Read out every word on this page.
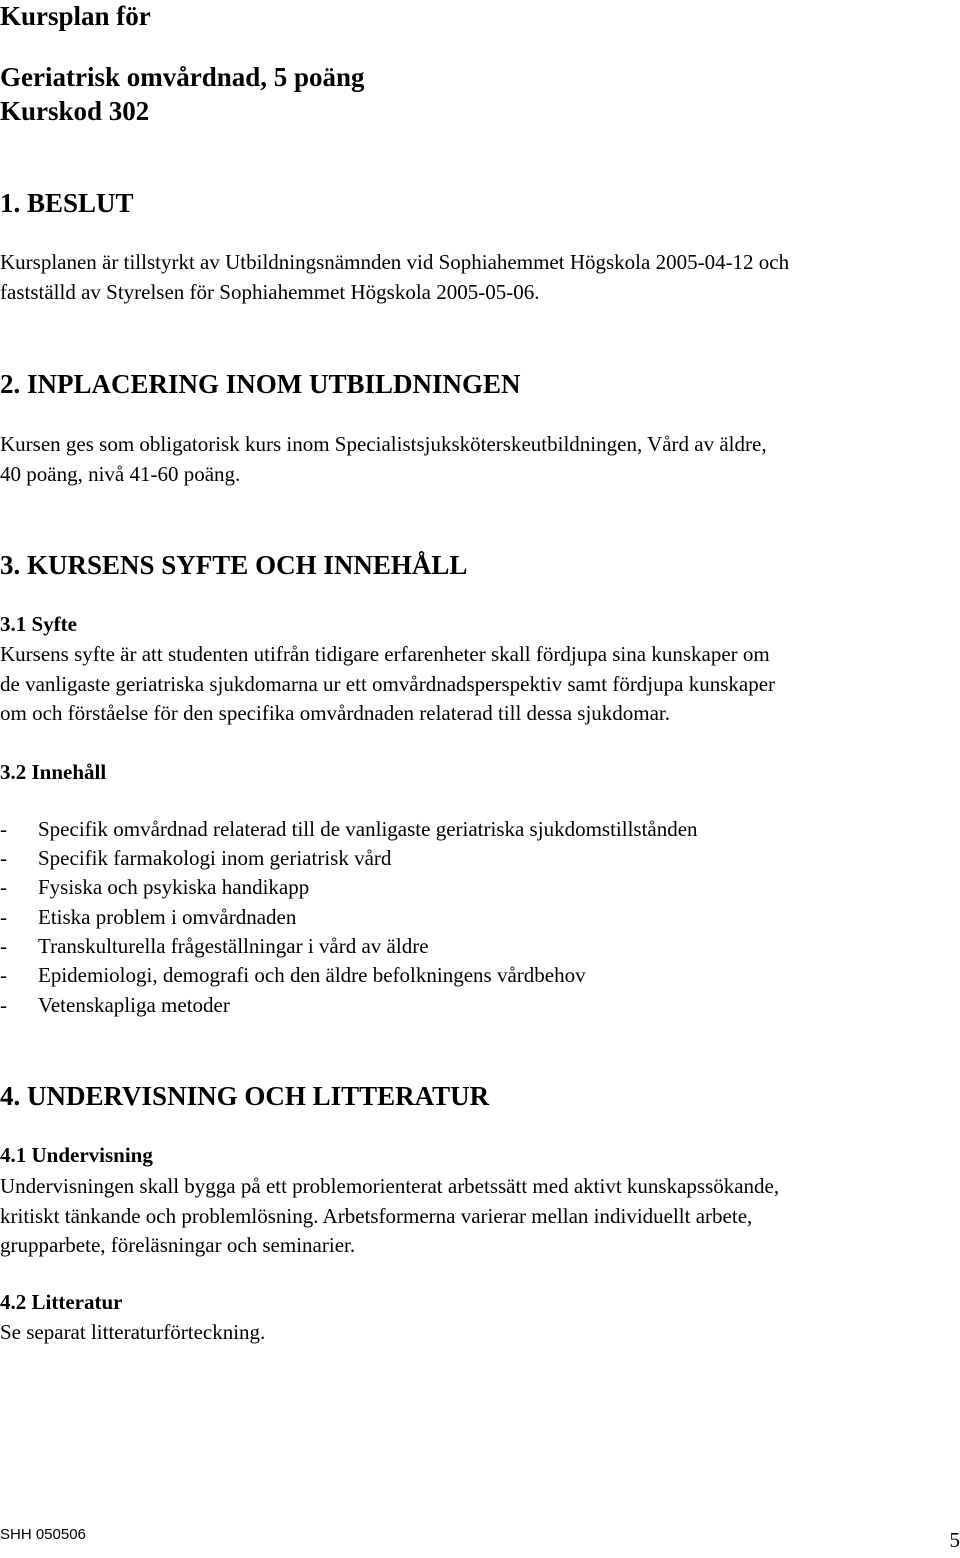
Kursplan för
Geriatrisk omvårdnad, 5 poäng
Kurskod 302
1. BESLUT
Kursplanen är tillstyrkt av Utbildningsnämnden vid Sophiahemmet Högskola 2005-04-12 och
fastställd av Styrelsen för Sophiahemmet Högskola 2005-05-06.
2. INPLACERING INOM UTBILDNINGEN
Kursen ges som obligatorisk kurs inom Specialistsjuksköterskeutbildningen, Vård av äldre,
40 poäng, nivå 41-60 poäng.
3. KURSENS SYFTE OCH INNEHÅLL
3.1 Syfte
Kursens syfte är att studenten utifrån tidigare erfarenheter skall fördjupa sina kunskaper om
de vanligaste geriatriska sjukdomarna ur ett omvårdnadsperspektiv samt fördjupa kunskaper
om och förståelse för den specifika omvårdnaden relaterad till dessa sjukdomar.
3.2 Innehåll
- Specifik omvårdnad relaterad till de vanligaste geriatriska sjukdomstillstånden
- Specifik farmakologi inom geriatrisk vård
- Fysiska och psykiska handikapp
- Etiska problem i omvårdnaden
- Transkulturella frågeställningar i vård av äldre
- Epidemiologi, demografi och den äldre befolkningens vårdbehov
- Vetenskapliga metoder
4. UNDERVISNING OCH LITTERATUR
4.1 Undervisning
Undervisningen skall bygga på ett problemorienterat arbetssätt med aktivt kunskapssökande,
kritiskt tänkande och problemlösning. Arbetsformerna varierar mellan individuellt arbete,
grupparbete, föreläsningar och seminarier.
4.2 Litteratur
Se separat litteraturförteckning.
SHH 050506	5
